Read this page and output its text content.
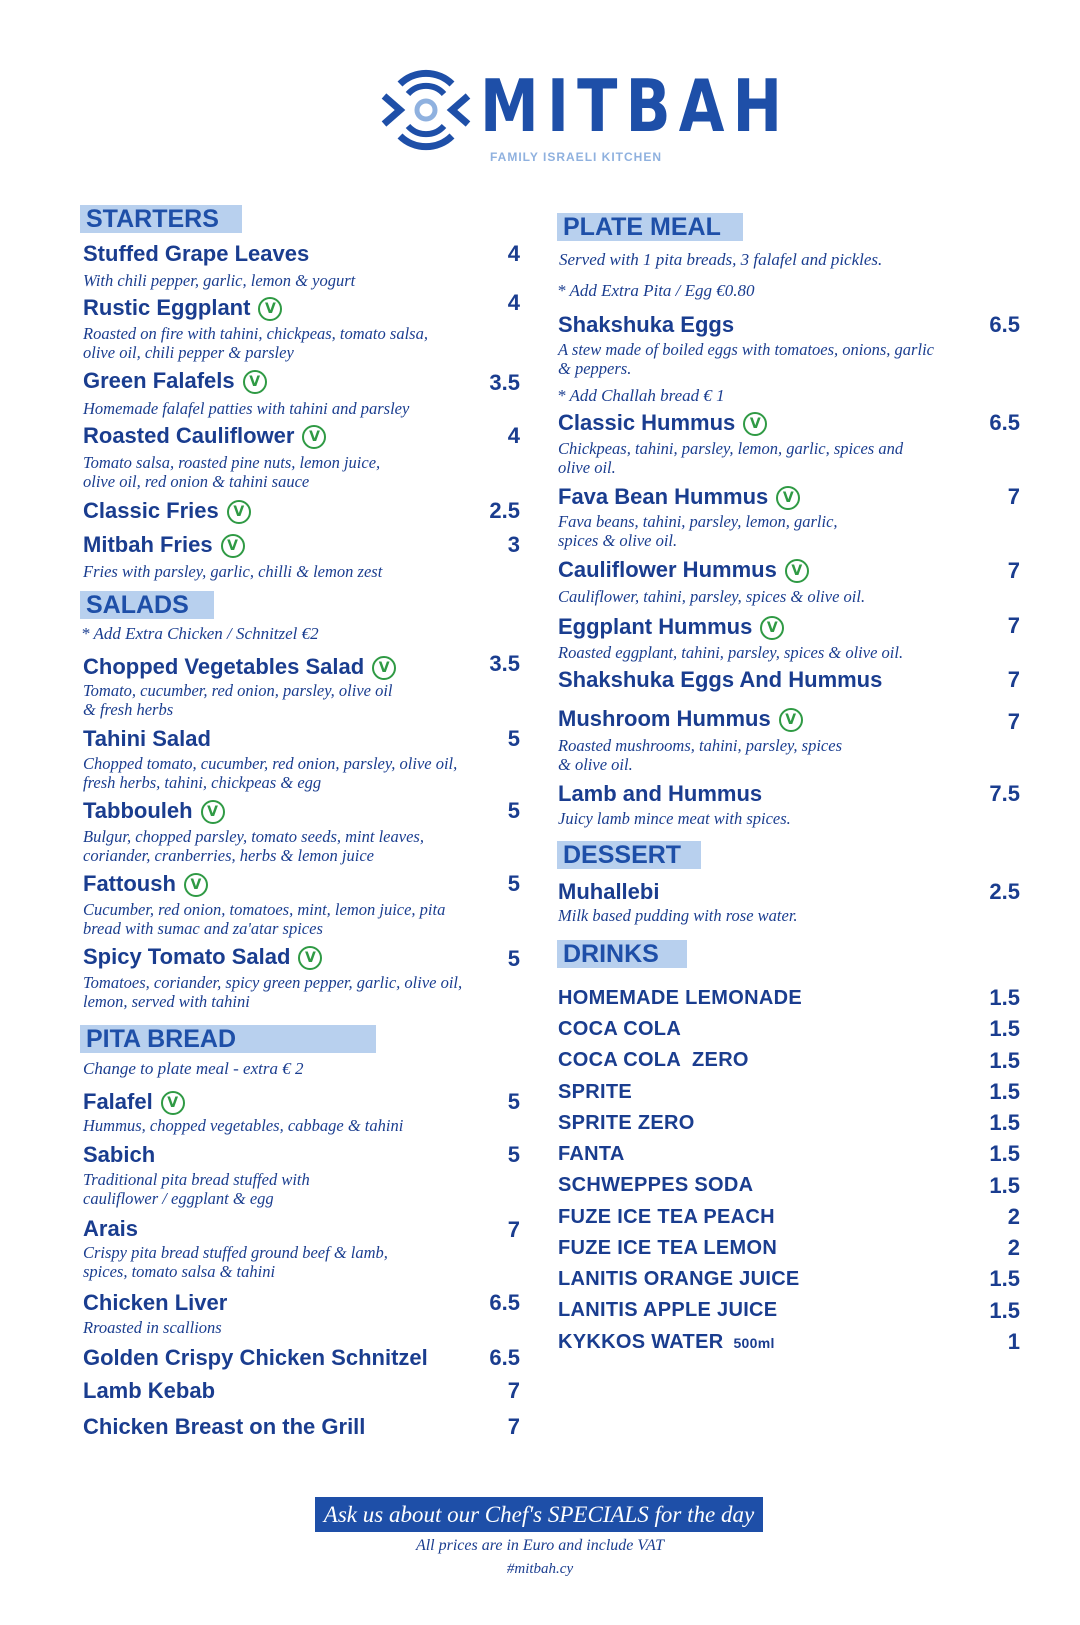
MITBAH
FAMILY ISRAELI KITCHEN
STARTERS
Stuffed Grape Leaves	4
With chili pepper, garlic, lemon & yogurt
Rustic Eggplant V	4
Roasted on fire with tahini, chickpeas, tomato salsa, olive oil, chili pepper & parsley
Green Falafels V	3.5
Homemade falafel patties with tahini and parsley
Roasted Cauliflower V	4
Tomato salsa, roasted pine nuts, lemon juice, olive oil, red onion & tahini sauce
Classic Fries V	2.5
Mitbah Fries V	3
Fries with parsley, garlic, chilli & lemon zest
SALADS
* Add Extra Chicken / Schnitzel €2
Chopped Vegetables Salad V	3.5
Tomato, cucumber, red onion, parsley, olive oil & fresh herbs
Tahini Salad	5
Chopped tomato, cucumber, red onion, parsley, olive oil, fresh herbs, tahini, chickpeas & egg
Tabbouleh V	5
Bulgur, chopped parsley, tomato seeds, mint leaves, coriander, cranberries, herbs & lemon juice
Fattoush V	5
Cucumber, red onion, tomatoes, mint, lemon juice, pita bread with sumac and za'atar spices
Spicy Tomato Salad V	5
Tomatoes, coriander, spicy green pepper, garlic, olive oil, lemon, served with tahini
PITA BREAD
Change to plate meal - extra € 2
Falafel V	5
Hummus, chopped vegetables, cabbage & tahini
Sabich	5
Traditional pita bread stuffed with cauliflower / eggplant & egg
Arais	7
Crispy pita bread stuffed ground beef & lamb, spices, tomato salsa & tahini
Chicken Liver	6.5
Rroasted in scallions
Golden Crispy Chicken Schnitzel	6.5
Lamb Kebab	7
Chicken Breast on the Grill	7
PLATE MEAL
Served with 1 pita breads, 3 falafel and pickles.
* Add Extra Pita / Egg €0.80
Shakshuka Eggs	6.5
A stew made of boiled eggs with tomatoes, onions, garlic & peppers.
* Add Challah bread € 1
Classic Hummus V	6.5
Chickpeas, tahini, parsley, lemon, garlic, spices and olive oil.
Fava Bean Hummus V	7
Fava beans, tahini, parsley, lemon, garlic, spices & olive oil.
Cauliflower Hummus V	7
Cauliflower, tahini, parsley, spices & olive oil.
Eggplant Hummus V	7
Roasted eggplant, tahini, parsley, spices & olive oil.
Shakshuka Eggs And Hummus	7
Mushroom Hummus V	7
Roasted mushrooms, tahini, parsley, spices & olive oil.
Lamb and Hummus	7.5
Juicy lamb mince meat with spices.
DESSERT
Muhallebi	2.5
Milk based pudding with rose water.
DRINKS
HOMEMADE LEMONADE	1.5
COCA COLA	1.5
COCA COLA  ZERO	1.5
SPRITE	1.5
SPRITE ZERO	1.5
FANTA	1.5
SCHWEPPES SODA	1.5
FUZE ICE TEA PEACH	2
FUZE ICE TEA LEMON	2
LANITIS ORANGE JUICE	1.5
LANITIS APPLE JUICE	1.5
KYKKOS WATER 500ml	1
Ask us about our Chef's SPECIALS for the day
All prices are in Euro and include VAT
#mitbah.cy
